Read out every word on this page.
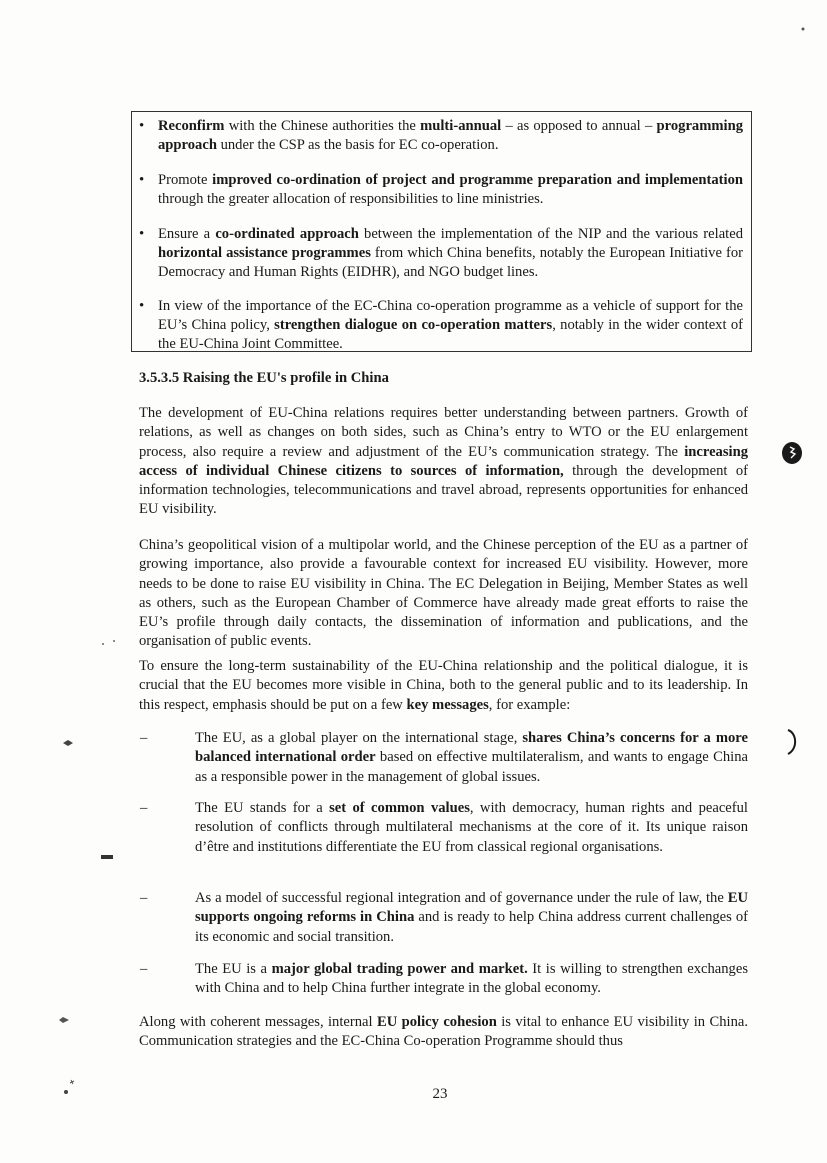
• Reconfirm with the Chinese authorities the multi-annual – as opposed to annual – programming approach under the CSP as the basis for EC co-operation.
• Promote improved co-ordination of project and programme preparation and implementation through the greater allocation of responsibilities to line ministries.
• Ensure a co-ordinated approach between the implementation of the NIP and the various related horizontal assistance programmes from which China benefits, notably the European Initiative for Democracy and Human Rights (EIDHR), and NGO budget lines.
• In view of the importance of the EC-China co-operation programme as a vehicle of support for the EU’s China policy, strengthen dialogue on co-operation matters, notably in the wider context of the EU-China Joint Committee.
3.5.3.5 Raising the EU's profile in China

The development of EU-China relations requires better understanding between partners. Growth of relations, as well as changes on both sides, such as China’s entry to WTO or the EU enlargement process, also require a review and adjustment of the EU’s communication strategy. The increasing access of individual Chinese citizens to sources of information, through the development of information technologies, telecommunications and travel abroad, represents opportunities for enhanced EU visibility.

China’s geopolitical vision of a multipolar world, and the Chinese perception of the EU as a partner of growing importance, also provide a favourable context for increased EU visibility. However, more needs to be done to raise EU visibility in China. The EC Delegation in Beijing, Member States as well as others, such as the European Chamber of Commerce have already made great efforts to raise the EU’s profile through daily contacts, the dissemination of information and publications, and the organisation of public events.

To ensure the long-term sustainability of the EU-China relationship and the political dialogue, it is crucial that the EU becomes more visible in China, both to the general public and to its leadership. In this respect, emphasis should be put on a few key messages, for example:

–	The EU, as a global player on the international stage, shares China’s concerns for a more balanced international order based on effective multilateralism, and wants to engage China as a responsible power in the management of global issues.
–	The EU stands for a set of common values, with democracy, human rights and peaceful resolution of conflicts through multilateral mechanisms at the core of it. Its unique raison d’être and institutions differentiate the EU from classical regional organisations.
–	As a model of successful regional integration and of governance under the rule of law, the EU supports ongoing reforms in China and is ready to help China address current challenges of its economic and social transition.
–	The EU is a major global trading power and market. It is willing to strengthen exchanges with China and to help China further integrate in the global economy.

Along with coherent messages, internal EU policy cohesion is vital to enhance EU visibility in China. Communication strategies and the EC-China Co-operation Programme should thus

23
